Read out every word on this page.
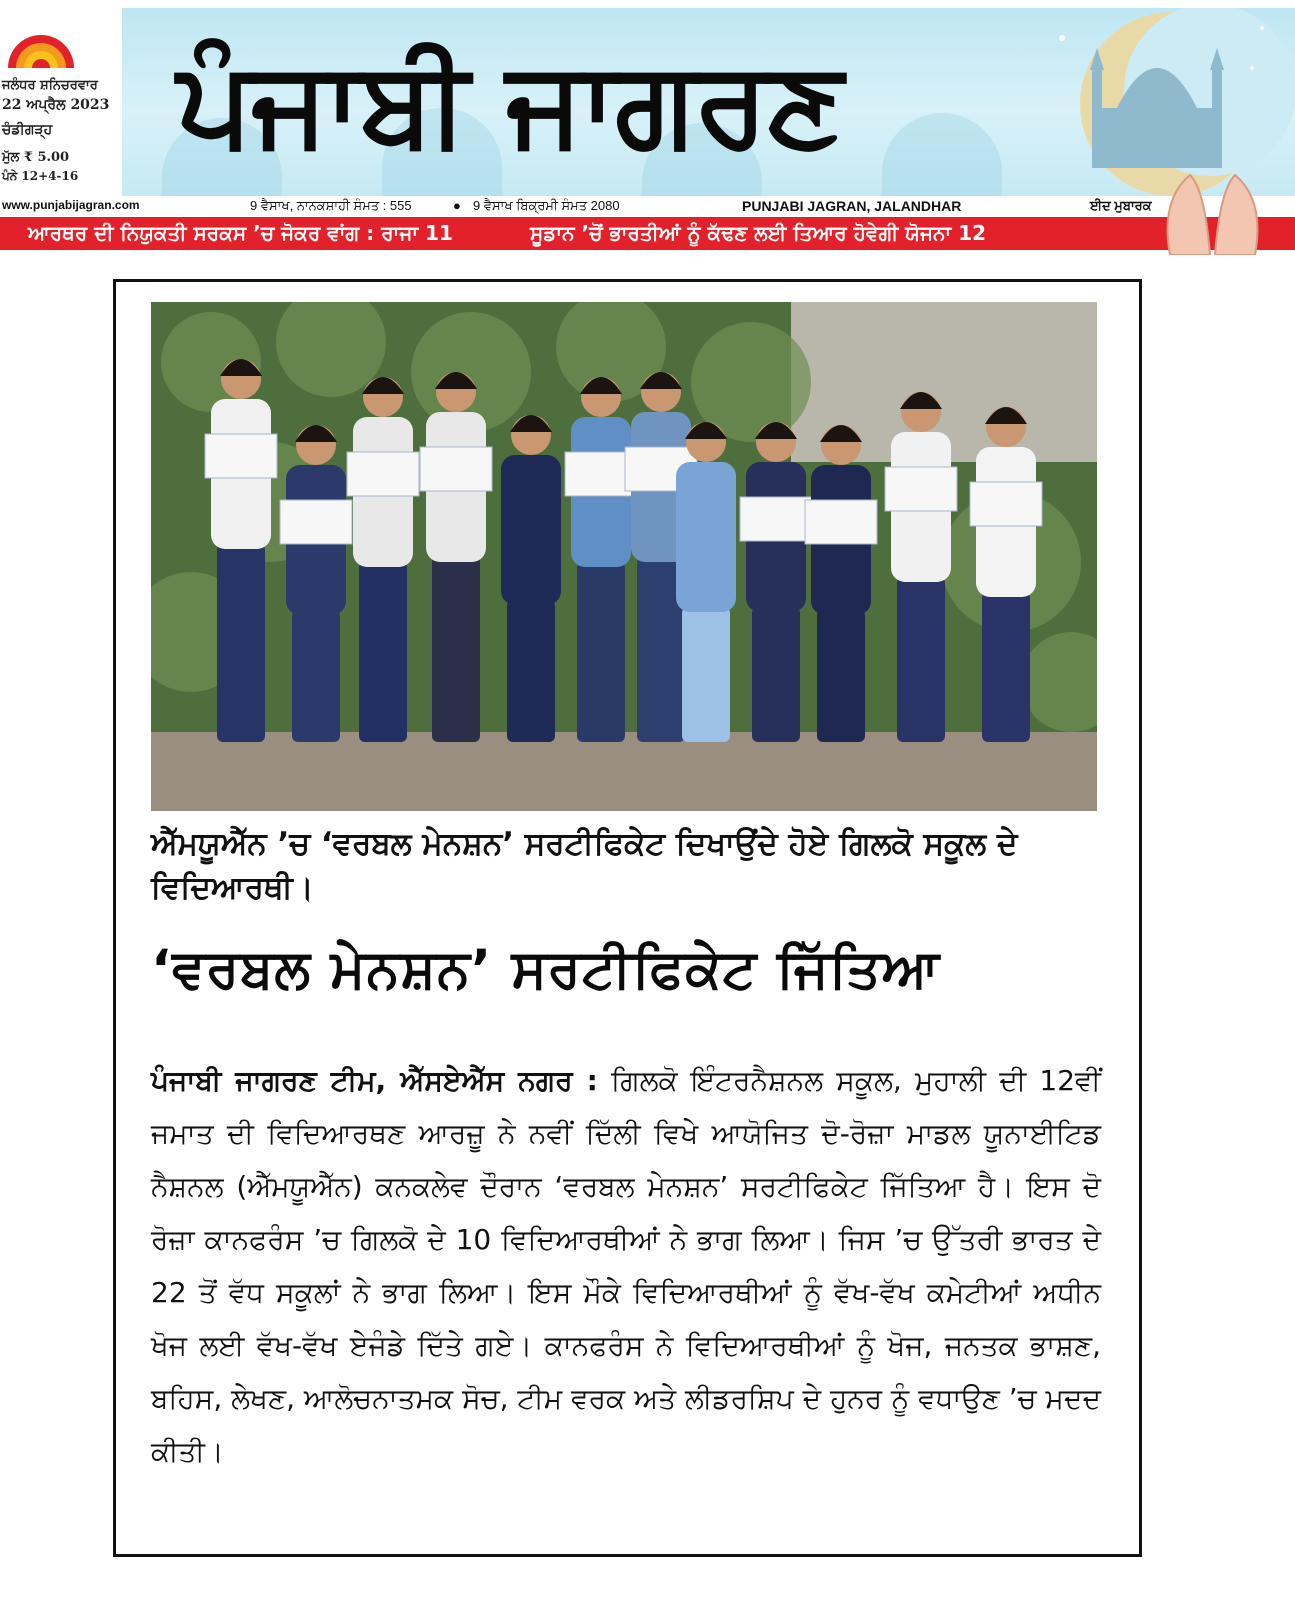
ਜਲੰਧਰ ਸ਼ਨਿਚਰਵਾਰ
22 ਅਪ੍ਰੈਲ 2023
ਚੰਡੀਗੜ੍ਹ
ਮੁੱਲ ₹ 5.00
ਪੰਨੇ 12+4-16
ਪੰਜਾਬੀ ਜਾਗਰਣ
www.punjabijagran.com	9 ਵੈਸਾਖ, ਨਾਨਕਸ਼ਾਹੀ ਸੰਮਤ : 555	● 9 ਵੈਸਾਖ ਬਿਕ੍ਰਮੀ ਸੰਮਤ 2080	PUNJABI JAGRAN, JALANDHAR	ਈਦ ਮੁਬਾਰਕ
ਆਰਥਰ ਦੀ ਨਿਯੁਕਤੀ ਸਰਕਸ ’ਚ ਜੋਕਰ ਵਾਂਗ : ਰਾਜਾ 11	ਸੂਡਾਨ ’ਚੋਂ ਭਾਰਤੀਆਂ ਨੂੰ ਕੱਢਣ ਲਈ ਤਿਆਰ ਹੋਵੇਗੀ ਯੋਜਨਾ 12

ਐੱਮਯੂਐੱਨ ’ਚ ‘ਵਰਬਲ ਮੇਨਸ਼ਨ’ ਸਰਟੀਫਿਕੇਟ ਦਿਖਾਉਂਦੇ ਹੋਏ ਗਿਲਕੋ ਸਕੂਲ ਦੇ ਵਿਦਿਆਰਥੀ।

‘ਵਰਬਲ ਮੇਨਸ਼ਨ’ ਸਰਟੀਫਿਕੇਟ ਜਿੱਤਿਆ

ਪੰਜਾਬੀ ਜਾਗਰਣ ਟੀਮ, ਐੱਸਏਐੱਸ ਨਗਰ : ਗਿਲਕੋ ਇੰਟਰਨੈਸ਼ਨਲ ਸਕੂਲ, ਮੁਹਾਲੀ ਦੀ 12ਵੀਂ ਜਮਾਤ ਦੀ ਵਿਦਿਆਰਥਣ ਆਰਜ਼ੂ ਨੇ ਨਵੀਂ ਦਿੱਲੀ ਵਿਖੇ ਆਯੋਜਿਤ ਦੋ-ਰੋਜ਼ਾ ਮਾਡਲ ਯੂਨਾਈਟਿਡ ਨੈਸ਼ਨਲ (ਐੱਮਯੂਐੱਨ) ਕਨਕਲੇਵ ਦੌਰਾਨ ‘ਵਰਬਲ ਮੇਨਸ਼ਨ’ ਸਰਟੀਫਿਕੇਟ ਜਿੱਤਿਆ ਹੈ। ਇਸ ਦੋ ਰੋਜ਼ਾ ਕਾਨਫਰੰਸ ’ਚ ਗਿਲਕੋ ਦੇ 10 ਵਿਦਿਆਰਥੀਆਂ ਨੇ ਭਾਗ ਲਿਆ। ਜਿਸ ’ਚ ਉੱਤਰੀ ਭਾਰਤ ਦੇ 22 ਤੋਂ ਵੱਧ ਸਕੂਲਾਂ ਨੇ ਭਾਗ ਲਿਆ। ਇਸ ਮੌਕੇ ਵਿਦਿਆਰਥੀਆਂ ਨੂੰ ਵੱਖ-ਵੱਖ ਕਮੇਟੀਆਂ ਅਧੀਨ ਖੋਜ ਲਈ ਵੱਖ-ਵੱਖ ਏਜੰਡੇ ਦਿੱਤੇ ਗਏ। ਕਾਨਫਰੰਸ ਨੇ ਵਿਦਿਆਰਥੀਆਂ ਨੂੰ ਖੋਜ, ਜਨਤਕ ਭਾਸ਼ਣ, ਬਹਿਸ, ਲੇਖਣ, ਆਲੋਚਨਾਤਮਕ ਸੋਚ, ਟੀਮ ਵਰਕ ਅਤੇ ਲੀਡਰਸ਼ਿਪ ਦੇ ਹੁਨਰ ਨੂੰ ਵਧਾਉਣ ’ਚ ਮਦਦ ਕੀਤੀ।
